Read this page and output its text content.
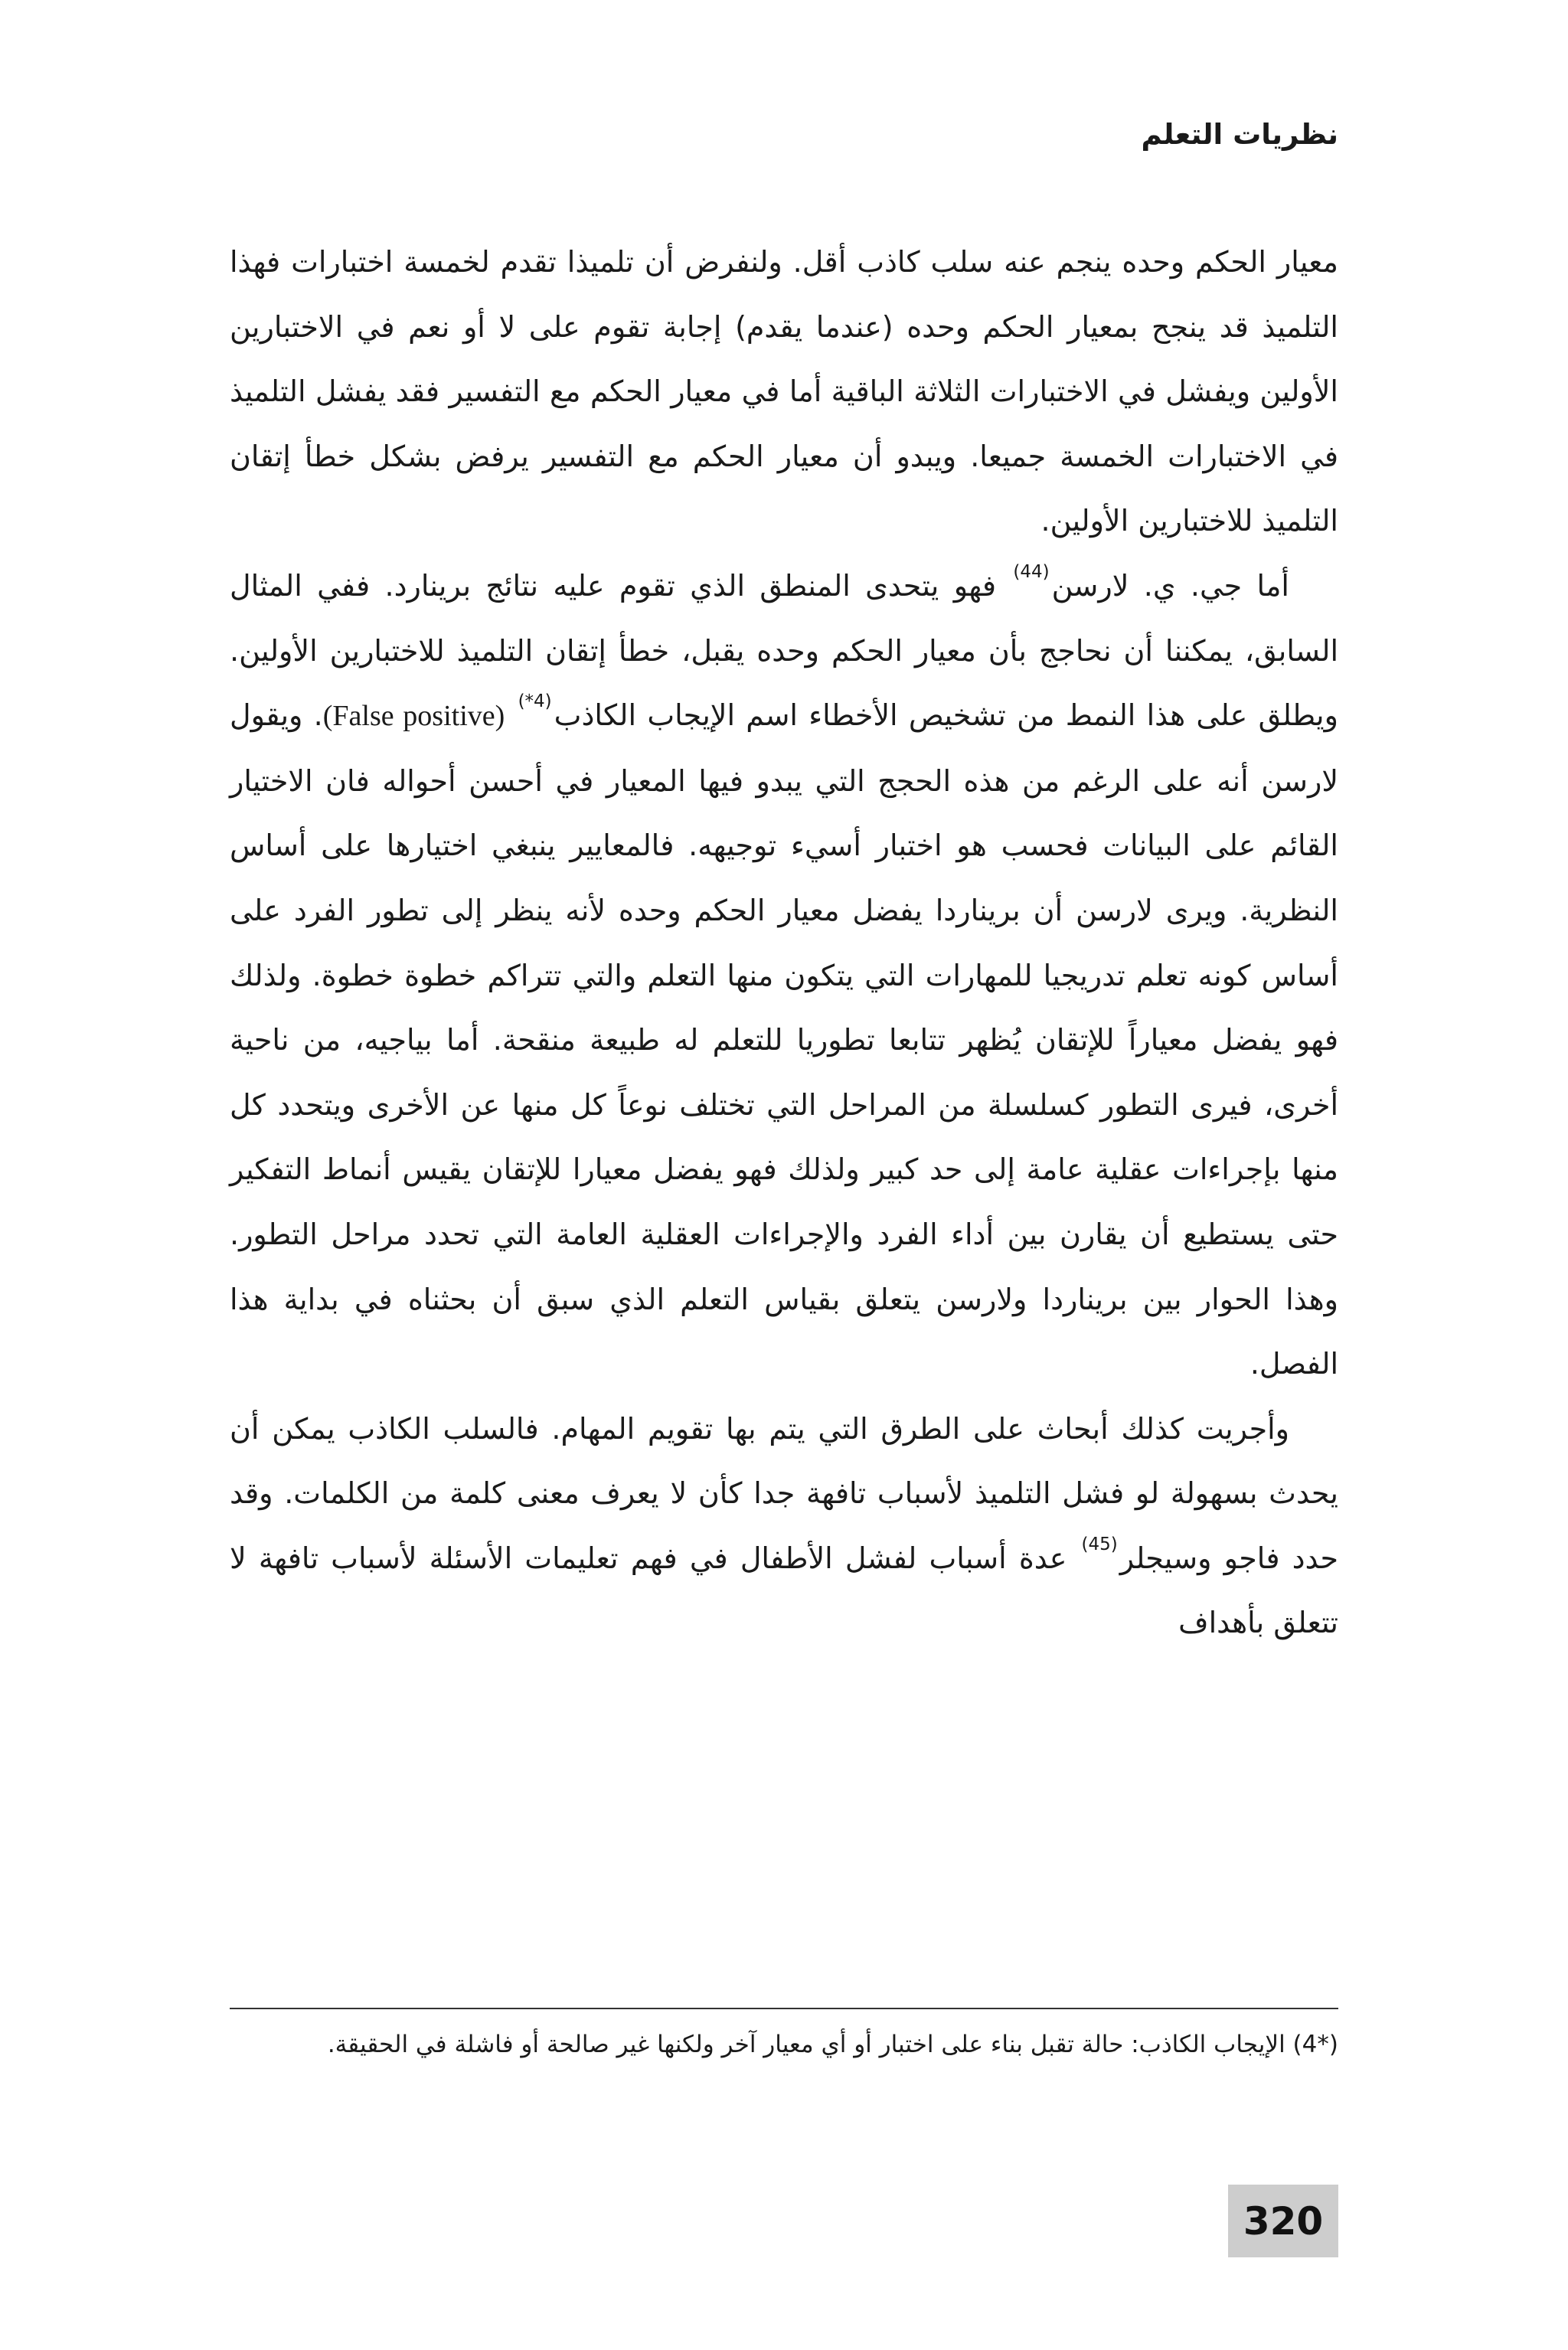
نظريات التعلم

معيار الحكم وحده ينجم عنه سلب كاذب أقل. ولنفرض أن تلميذا تقدم لخمسة اختبارات فهذا التلميذ قد ينجح بمعيار الحكم وحده (عندما يقدم) إجابة تقوم على لا أو نعم في الاختبارين الأولين ويفشل في الاختبارات الثلاثة الباقية أما في معيار الحكم مع التفسير فقد يفشل التلميذ في الاختبارات الخمسة جميعا. ويبدو أن معيار الحكم مع التفسير يرفض بشكل خطأ إتقان التلميذ للاختبارين الأولين.

أما جي. ي. لارسن$^{(44)}$ فهو يتحدى المنطق الذي تقوم عليه نتائج برينارد. ففي المثال السابق، يمكننا أن نحاجج بأن معيار الحكم وحده يقبل، خطأ إتقان التلميذ للاختبارين الأولين. ويطلق على هذا النمط من تشخيص الأخطاء اسم الإيجاب الكاذب$^{(*4)}$ (False positive). ويقول لارسن أنه على الرغم من هذه الحجج التي يبدو فيها المعيار في أحسن أحواله فان الاختيار القائم على البيانات فحسب هو اختبار أسيء توجيهه. فالمعايير ينبغي اختيارها على أساس النظرية. ويرى لارسن أن بريناردا يفضل معيار الحكم وحده لأنه ينظر إلى تطور الفرد على أساس كونه تعلم تدريجيا للمهارات التي يتكون منها التعلم والتي تتراكم خطوة خطوة. ولذلك فهو يفضل معياراً للإتقان يُظهر تتابعا تطوريا للتعلم له طبيعة منقحة. أما بياجيه، من ناحية أخرى، فيرى التطور كسلسلة من المراحل التي تختلف نوعاً كل منها عن الأخرى ويتحدد كل منها بإجراءات عقلية عامة إلى حد كبير ولذلك فهو يفضل معيارا للإتقان يقيس أنماط التفكير حتى يستطيع أن يقارن بين أداء الفرد والإجراءات العقلية العامة التي تحدد مراحل التطور. وهذا الحوار بين بريناردا ولارسن يتعلق بقياس التعلم الذي سبق أن بحثناه في بداية هذا الفصل.

وأجريت كذلك أبحاث على الطرق التي يتم بها تقويم المهام. فالسلب الكاذب يمكن أن يحدث بسهولة لو فشل التلميذ لأسباب تافهة جدا كأن لا يعرف معنى كلمة من الكلمات. وقد حدد فاجو وسيجلر$^{(45)}$ عدة أسباب لفشل الأطفال في فهم تعليمات الأسئلة لأسباب تافهة لا تتعلق بأهداف

(*4) الإيجاب الكاذب: حالة تقبل بناء على اختبار أو أي معيار آخر ولكنها غير صالحة أو فاشلة في الحقيقة.

320
